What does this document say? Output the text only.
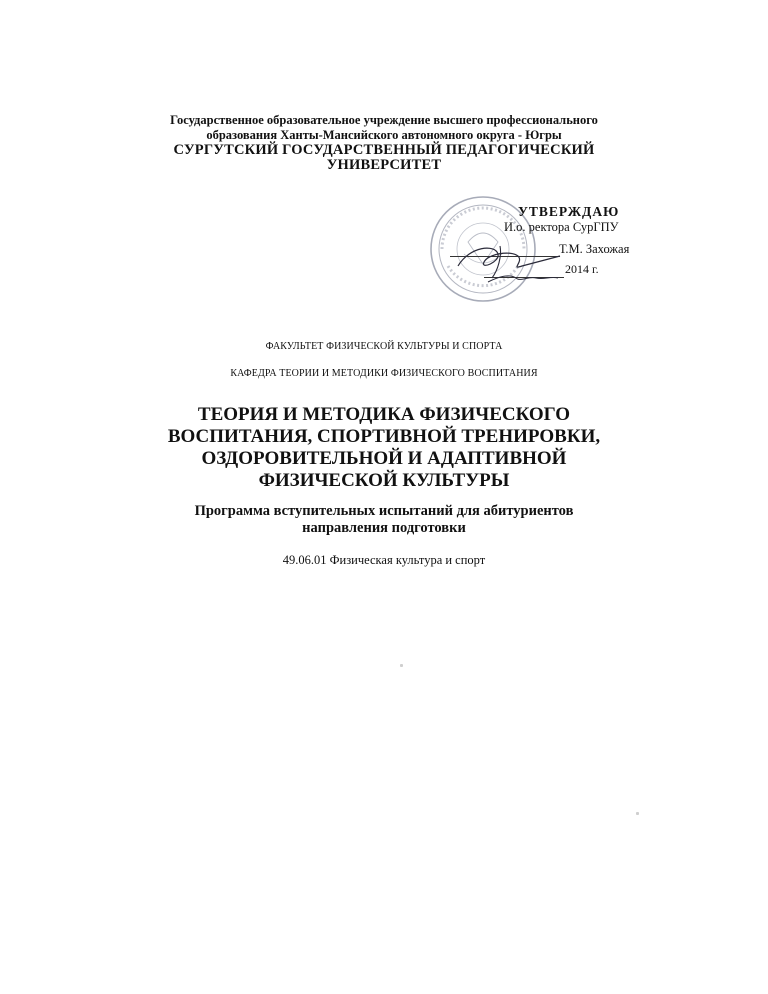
Государственное образовательное учреждение высшего профессионального
образования Ханты-Мансийского автономного округа - Югры
СУРГУТСКИЙ ГОСУДАРСТВЕННЫЙ ПЕДАГОГИЧЕСКИЙ
УНИВЕРСИТЕТ
УТВЕРЖДАЮ
И.о. ректора СурГПУ
Т.М. Захожая
2014 г.
ФАКУЛЬТЕТ ФИЗИЧЕСКОЙ КУЛЬТУРЫ И СПОРТА
КАФЕДРА ТЕОРИИ И МЕТОДИКИ ФИЗИЧЕСКОГО ВОСПИТАНИЯ
ТЕОРИЯ И МЕТОДИКА ФИЗИЧЕСКОГО
ВОСПИТАНИЯ, СПОРТИВНОЙ ТРЕНИРОВКИ,
ОЗДОРОВИТЕЛЬНОЙ И АДАПТИВНОЙ
ФИЗИЧЕСКОЙ КУЛЬТУРЫ
Программа вступительных испытаний для абитуриентов
направления подготовки
49.06.01 Физическая культура и спорт
